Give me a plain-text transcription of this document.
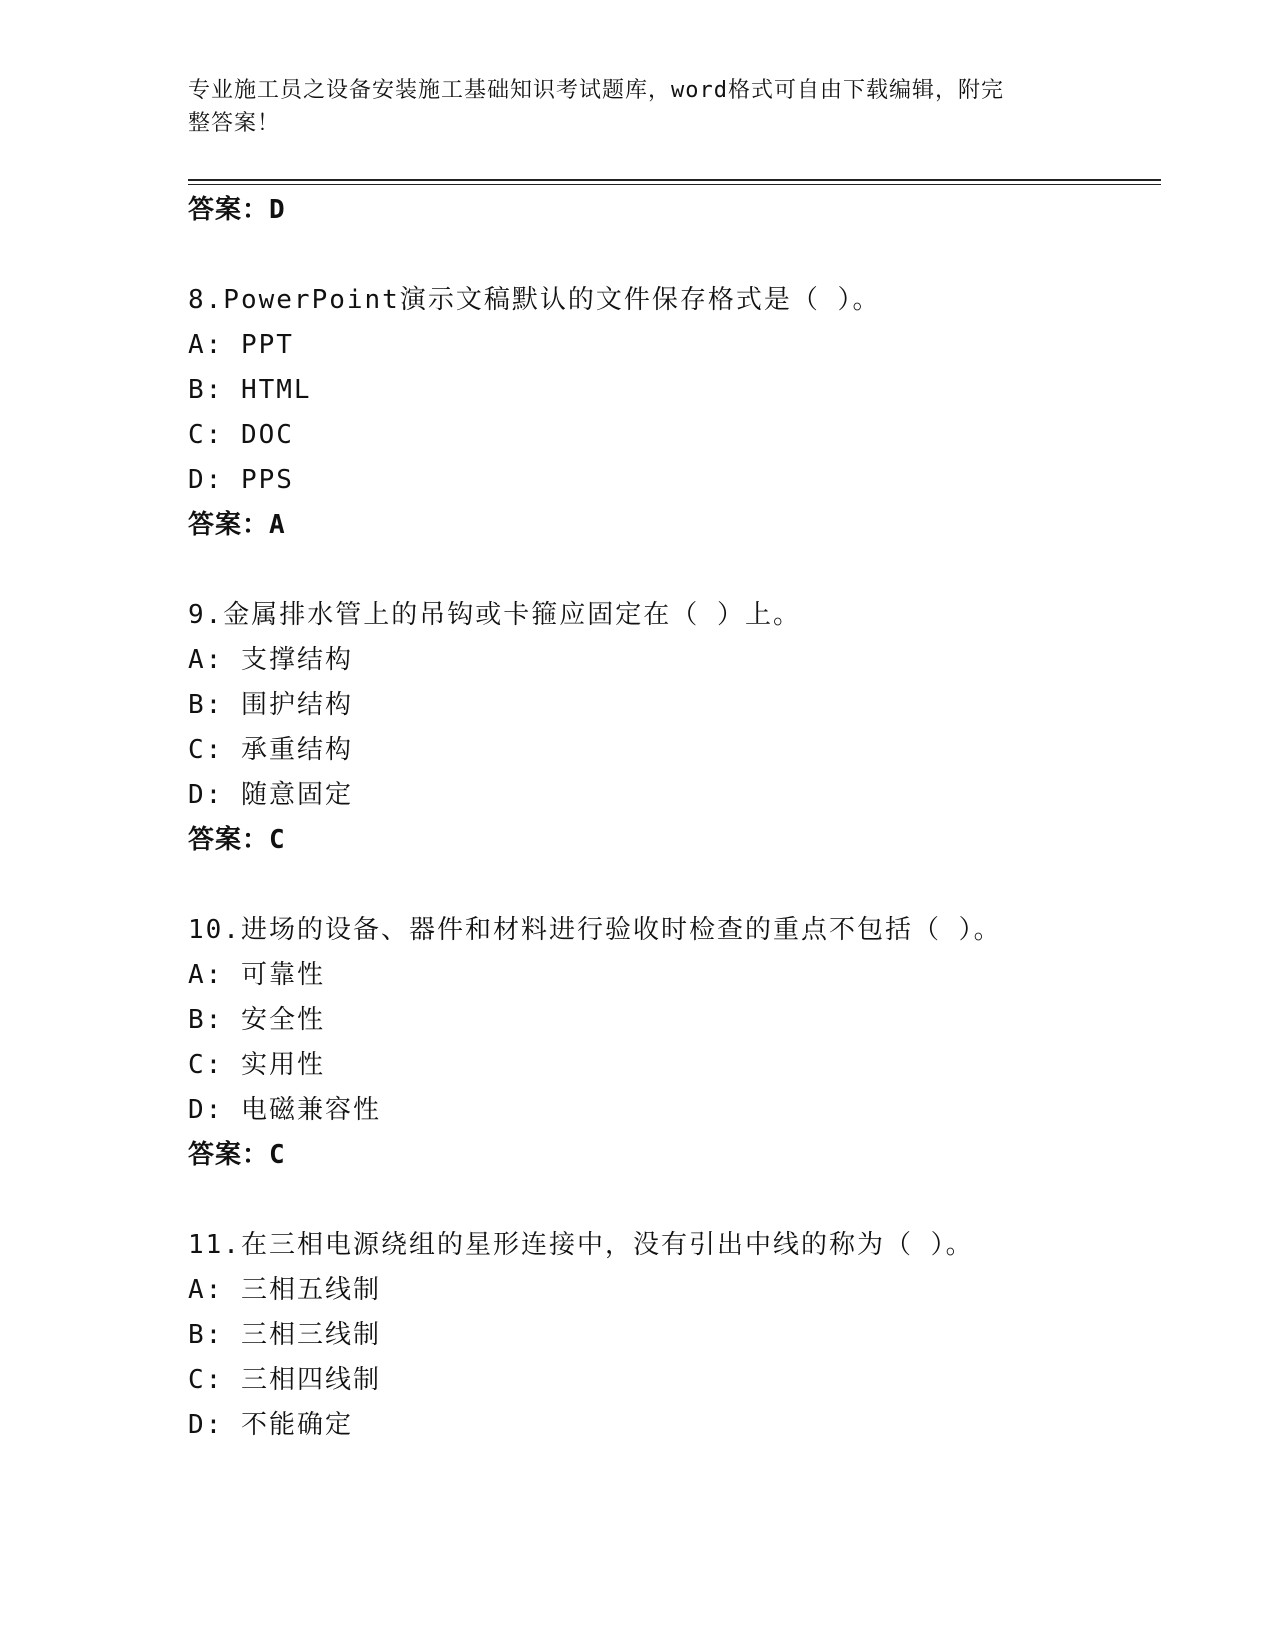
专业施工员之设备安装施工基础知识考试题库，word格式可自由下载编辑，附完
整答案！
答案：D
8.PowerPoint演示文稿默认的文件保存格式是（ ）。
A: PPT
B: HTML
C: DOC
D: PPS
答案：A
9.金属排水管上的吊钩或卡箍应固定在（ ）上。
A: 支撑结构
B: 围护结构
C: 承重结构
D: 随意固定
答案：C
10.进场的设备、器件和材料进行验收时检查的重点不包括（ ）。
A: 可靠性
B: 安全性
C: 实用性
D: 电磁兼容性
答案：C
11.在三相电源绕组的星形连接中，没有引出中线的称为（ ）。
A: 三相五线制
B: 三相三线制
C: 三相四线制
D: 不能确定
